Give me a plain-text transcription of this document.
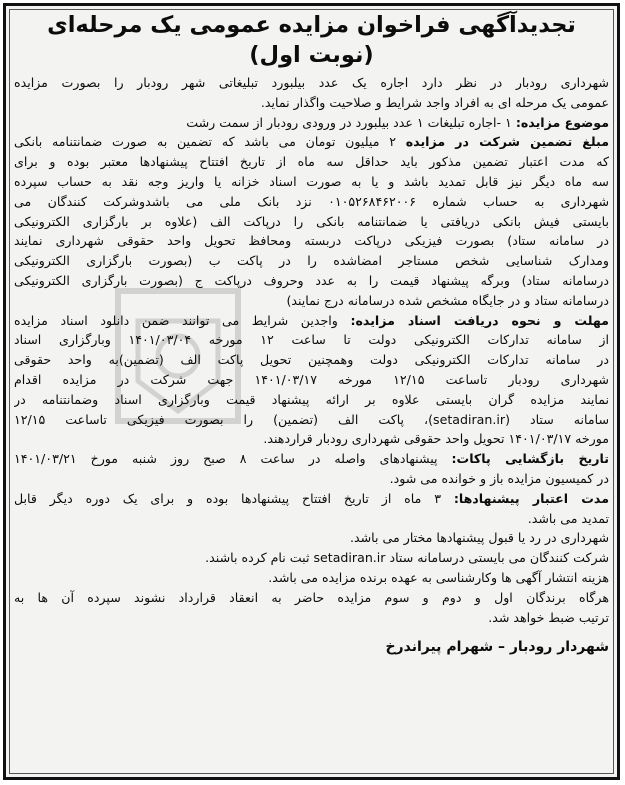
تجدیدآگهی فراخوان مزایده عمومی یک مرحله‌ای
(نوبت اول)
شهرداری رودبار در نظر دارد اجاره یک عدد بیلبورد تبلیغاتی شهر رودبار را بصورت مزایده
عمومی یک مرحله ای به افراد واجد شرایط و صلاحیت واگذار نماید.
موضوع مزایده: ۱ -اجاره تبلیغات ۱ عدد بیلبورد در ورودی رودبار از سمت رشت
مبلغ تضمین شرکت در مزایده ۲ میلیون تومان می باشد که تضمین به صورت ضمانتنامه بانکی
که مدت اعتبار تضمین مذکور باید حداقل سه ماه از تاریخ افتتاح پیشنهادها معتبر بوده و برای
سه ماه دیگر نیز قابل تمدید باشد و یا به صورت اسناد خزانه یا واریز وجه نقد به حساب سپرده
شهرداری به حساب شماره ۰۱۰۵۲۶۸۴۶۲۰۰۶ نزد بانک ملی می باشدوشرکت کنندگان می
بایستی فیش بانکی دریافتی یا ضمانتنامه بانکی را درپاکت الف (علاوه بر بارگزاری الکترونیکی
در سامانه ستاد) بصورت فیزیکی درپاکت دربسته ومحافظ تحویل واحد حقوقی شهرداری نمایند
ومدارک شناسایی شخص مستاجر امضاشده را در پاکت ب (بصورت بارگزاری الکترونیکی
درسامانه ستاد) وبرگه پیشنهاد قیمت را به عدد وحروف درپاکت ج (بصورت بارگزاری الکترونیکی
درسامانه ستاد و در جایگاه مشخص شده درسامانه درج نمایند)
مهلت و نحوه دریافت اسناد مزایده: واجدین شرایط می توانند ضمن دانلود اسناد مزایده
از سامانه تدارکات الکترونیکی دولت تا ساعت ۱۲ مورخه ۱۴۰۱/۰۳/۰۴ وبارگزاری اسناد
در سامانه تدارکات الکترونیکی دولت وهمچنین تحویل پاکت الف (تضمین)به واحد حقوقی
شهرداری رودبار تاساعت ۱۲/۱۵ مورخه ۱۴۰۱/۰۳/۱۷ جهت شرکت در مزایده اقدام
نمایند مزایده گران بایستی علاوه بر ارائه پیشنهاد قیمت وبارگزاری اسناد وضمانتنامه در
سامانه ستاد (setadiran.ir)، پاکت الف (تضمین) را بصورت فیزیکی تاساعت ۱۲/۱۵
مورخه ۱۴۰۱/۰۳/۱۷ تحویل واحد حقوقی شهرداری رودبار قراردهند.
تاریخ بازگشایی پاکات: پیشنهادهای واصله در ساعت ۸ صبح روز شنبه مورخ ۱۴۰۱/۰۳/۲۱
در کمیسیون مزایده باز و خوانده می شود.
مدت اعتبار پیشنهادها: ۳ ماه از تاریخ افتتاح پیشنهادها بوده و برای یک دوره دیگر قابل
تمدید می باشد.
شهرداری در رد یا قبول پیشنهادها مختار می باشد.
شرکت کنندگان می بایستی درسامانه ستاد setadiran.ir ثبت نام کرده باشند.
هزینه انتشار آگهی ها وکارشناسی به عهده برنده مزایده می باشد.
هرگاه برندگان اول و دوم و سوم مزایده حاضر به انعقاد قرارداد نشوند سپرده آن ها به
ترتیب ضبط خواهد شد.
شهردار رودبار – شهرام پیراندرخ
